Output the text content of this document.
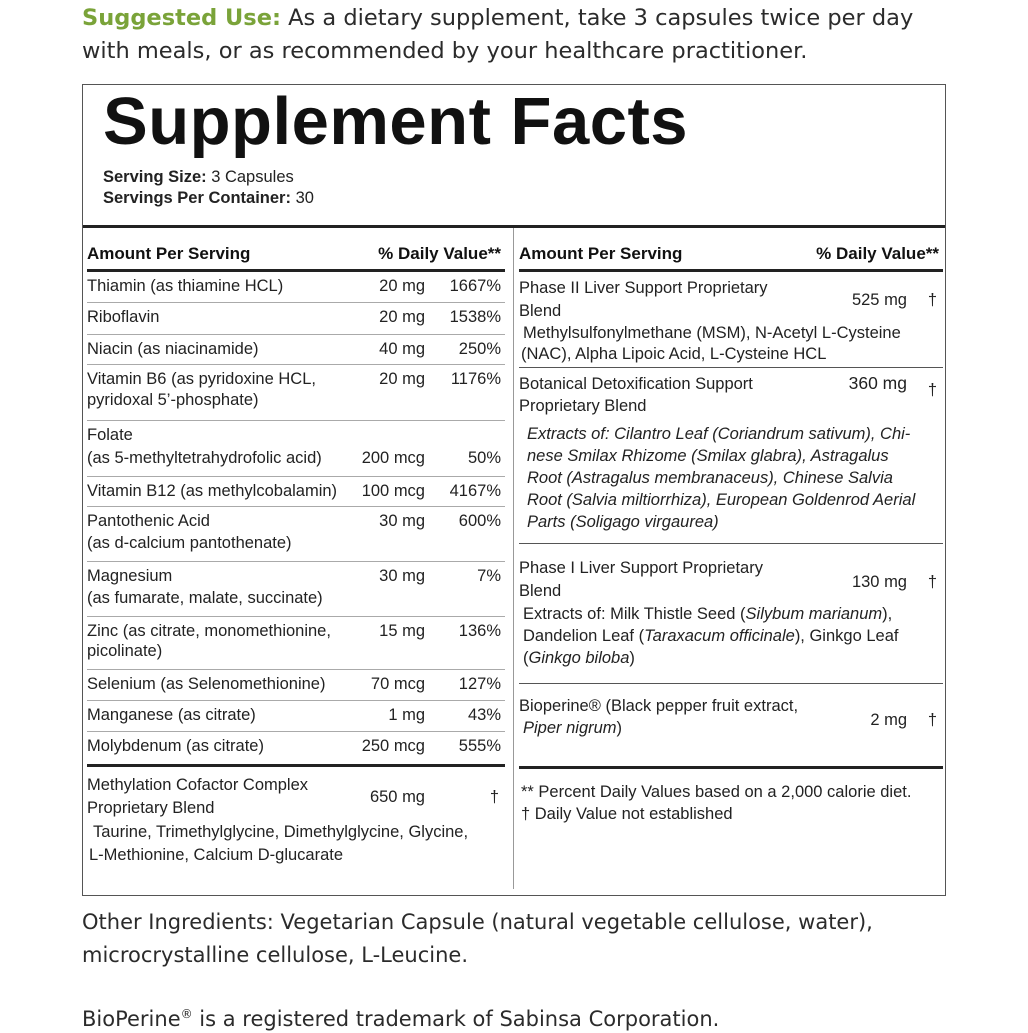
Suggested Use: As a dietary supplement, take 3 capsules twice per day with meals, or as recommended by your healthcare practitioner.
Supplement Facts
Serving Size: 3 Capsules
Servings Per Container: 30
Amount Per Serving	% Daily Value**
Thiamin (as thiamine HCL)	20 mg	1667%
Riboflavin	20 mg	1538%
Niacin (as niacinamide)	40 mg	250%
Vitamin B6 (as pyridoxine HCL,
pyridoxal 5’-phosphate)
20 mg	1176%
Folate
(as 5-methyltetrahydrofolic acid)	200 mcg	50%
Vitamin B12 (as methylcobalamin)	100 mcg	4167%
Pantothenic Acid
(as d-calcium pantothenate)
30 mg	600%
Magnesium
(as fumarate, malate, succinate)
30 mg	7%
Zinc (as citrate, monomethionine,
picolinate)
15 mg	136%
Selenium (as Selenomethionine)	70 mcg	127%
Manganese (as citrate)	1 mg	43%
Molybdenum (as citrate)	250 mcg	555%
Methylation Cofactor Complex
Proprietary Blend
650 mg	†
Taurine, Trimethylglycine, Dimethylglycine, Glycine,
L-Methionine, Calcium D-glucarate
Amount Per Serving	% Daily Value**
Phase II Liver Support Proprietary
Blend
525 mg †
Methylsulfonylmethane (MSM), N-Acetyl L-Cysteine
(NAC), Alpha Lipoic Acid, L-Cysteine HCL
Botanical Detoxification Support
Proprietary Blend
360 mg †
Extracts of: Cilantro Leaf (Coriandrum sativum), Chi-
nese Smilax Rhizome (Smilax glabra), Astragalus
Root (Astragalus membranaceus), Chinese Salvia
Root (Salvia miltiorrhiza), European Goldenrod Aerial
Parts (Soligago virgaurea)
Phase I Liver Support Proprietary
Blend	130 mg †
Extracts of: Milk Thistle Seed (Silybum marianum),
Dandelion Leaf (Taraxacum officinale), Ginkgo Leaf
(Ginkgo biloba)
Bioperine® (Black pepper fruit extract,
Piper nigrum)	2 mg †
** Percent Daily Values based on a 2,000 calorie diet.
† Daily Value not established
Other Ingredients: Vegetarian Capsule (natural vegetable cellulose, water), microcrystalline cellulose, L-Leucine.
BioPerine® is a registered trademark of Sabinsa Corporation.
